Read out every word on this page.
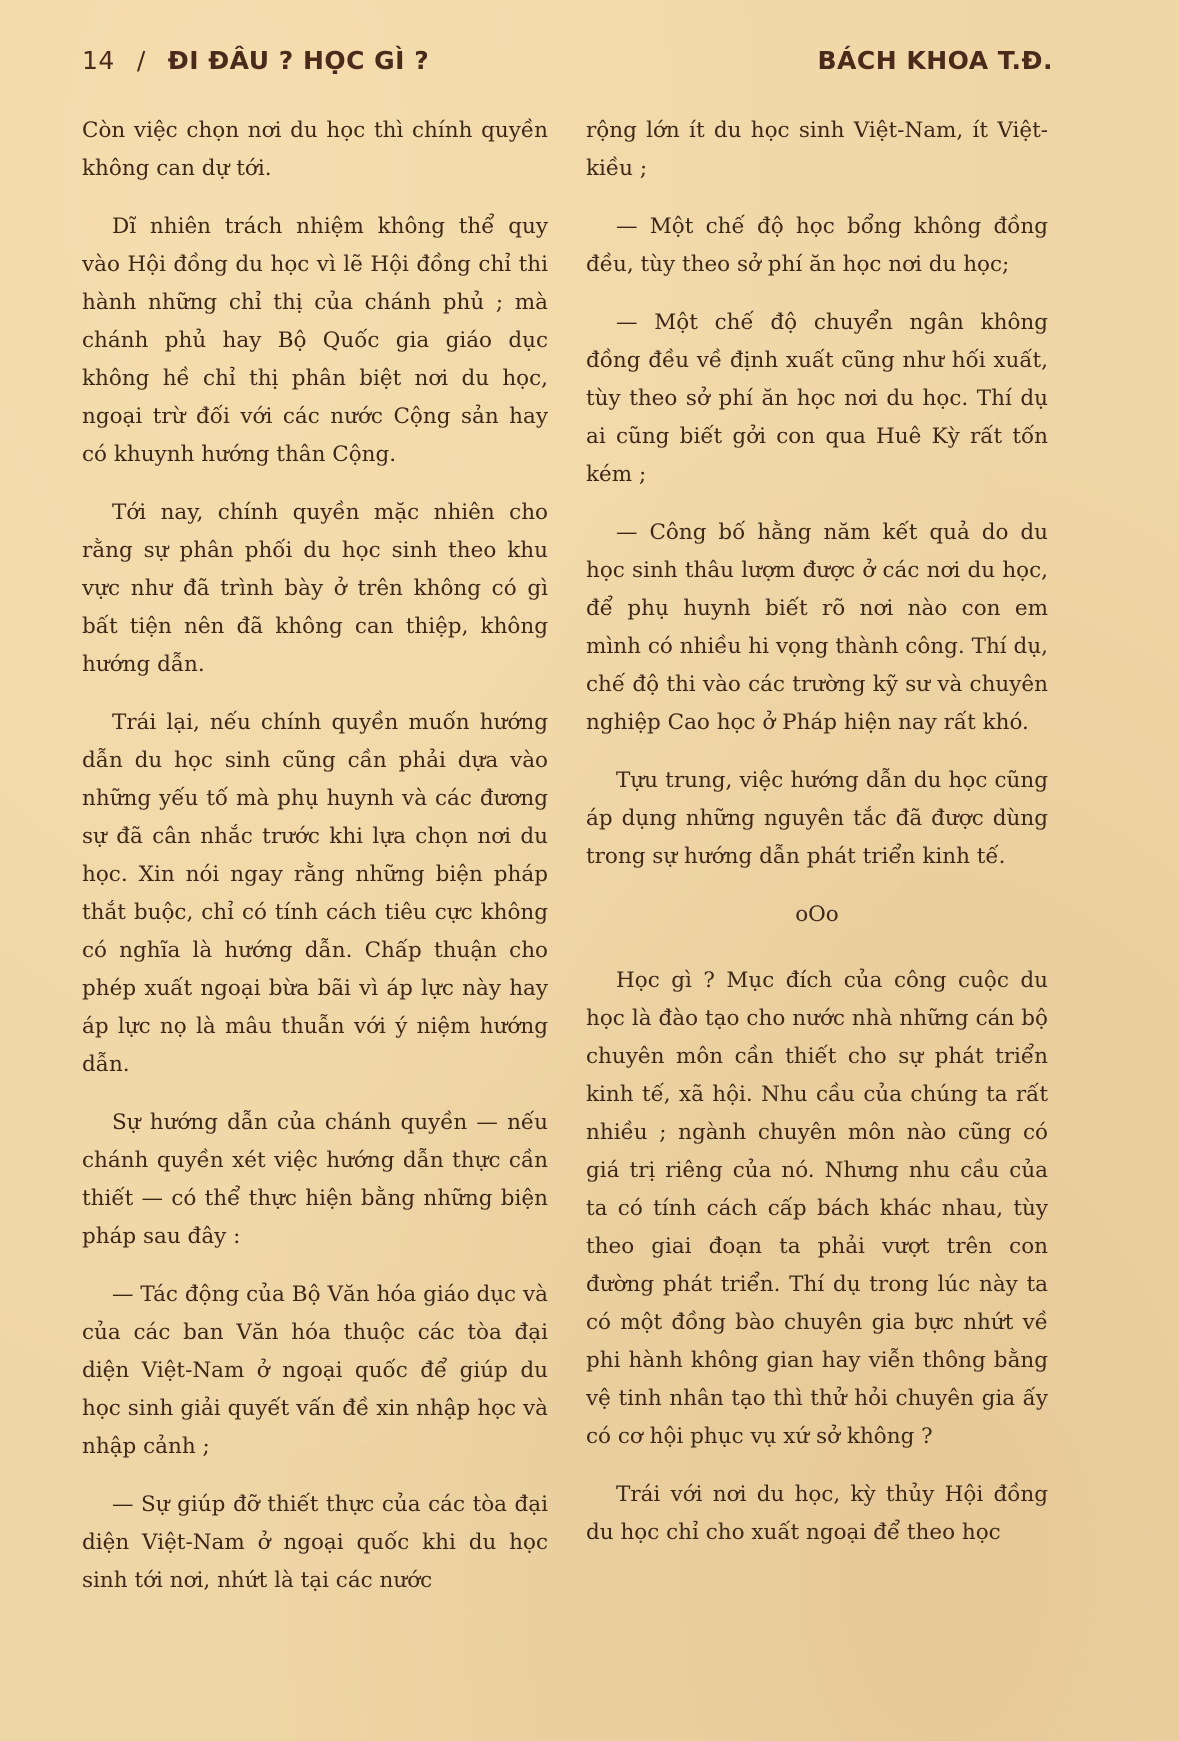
14 / ĐI ĐÂU ? HỌC GÌ ?	BÁCH KHOA T.Đ.

Còn việc chọn nơi du học thì chính quyền không can dự tới.

Dĩ nhiên trách nhiệm không thể quy vào Hội đồng du học vì lẽ Hội đồng chỉ thi hành những chỉ thị của chánh phủ ; mà chánh phủ hay Bộ Quốc gia giáo dục không hề chỉ thị phân biệt nơi du học, ngoại trừ đối với các nước Cộng sản hay có khuynh hướng thân Cộng.

Tới nay, chính quyền mặc nhiên cho rằng sự phân phối du học sinh theo khu vực như đã trình bày ở trên không có gì bất tiện nên đã không can thiệp, không hướng dẫn.

Trái lại, nếu chính quyền muốn hướng dẫn du học sinh cũng cần phải dựa vào những yếu tố mà phụ huynh và các đương sự đã cân nhắc trước khi lựa chọn nơi du học. Xin nói ngay rằng những biện pháp thắt buộc, chỉ có tính cách tiêu cực không có nghĩa là hướng dẫn. Chấp thuận cho phép xuất ngoại bừa bãi vì áp lực này hay áp lực nọ là mâu thuẫn với ý niệm hướng dẫn.

Sự hướng dẫn của chánh quyền — nếu chánh quyền xét việc hướng dẫn thực cần thiết — có thể thực hiện bằng những biện pháp sau đây :

— Tác động của Bộ Văn hóa giáo dục và của các ban Văn hóa thuộc các tòa đại diện Việt-Nam ở ngoại quốc để giúp du học sinh giải quyết vấn đề xin nhập học và nhập cảnh ;

— Sự giúp đỡ thiết thực của các tòa đại diện Việt-Nam ở ngoại quốc khi du học sinh tới nơi, nhứt là tại các nước

rộng lớn ít du học sinh Việt-Nam, ít Việt-kiều ;

— Một chế độ học bổng không đồng đều, tùy theo sở phí ăn học nơi du học;

— Một chế độ chuyển ngân không đồng đều về định xuất cũng như hối xuất, tùy theo sở phí ăn học nơi du học. Thí dụ ai cũng biết gởi con qua Huê Kỳ rất tốn kém ;

— Công bố hằng năm kết quả do du học sinh thâu lượm được ở các nơi du học, để phụ huynh biết rõ nơi nào con em mình có nhiều hi vọng thành công. Thí dụ, chế độ thi vào các trường kỹ sư và chuyên nghiệp Cao học ở Pháp hiện nay rất khó.

Tựu trung, việc hướng dẫn du học cũng áp dụng những nguyên tắc đã được dùng trong sự hướng dẫn phát triển kinh tế.

oOo

Học gì ? Mục đích của công cuộc du học là đào tạo cho nước nhà những cán bộ chuyên môn cần thiết cho sự phát triển kinh tế, xã hội. Nhu cầu của chúng ta rất nhiều ; ngành chuyên môn nào cũng có giá trị riêng của nó. Nhưng nhu cầu của ta có tính cách cấp bách khác nhau, tùy theo giai đoạn ta phải vượt trên con đường phát triển. Thí dụ trong lúc này ta có một đồng bào chuyên gia bực nhứt về phi hành không gian hay viễn thông bằng vệ tinh nhân tạo thì thử hỏi chuyên gia ấy có cơ hội phục vụ xứ sở không ?

Trái với nơi du học, kỳ thủy Hội đồng du học chỉ cho xuất ngoại để theo học
